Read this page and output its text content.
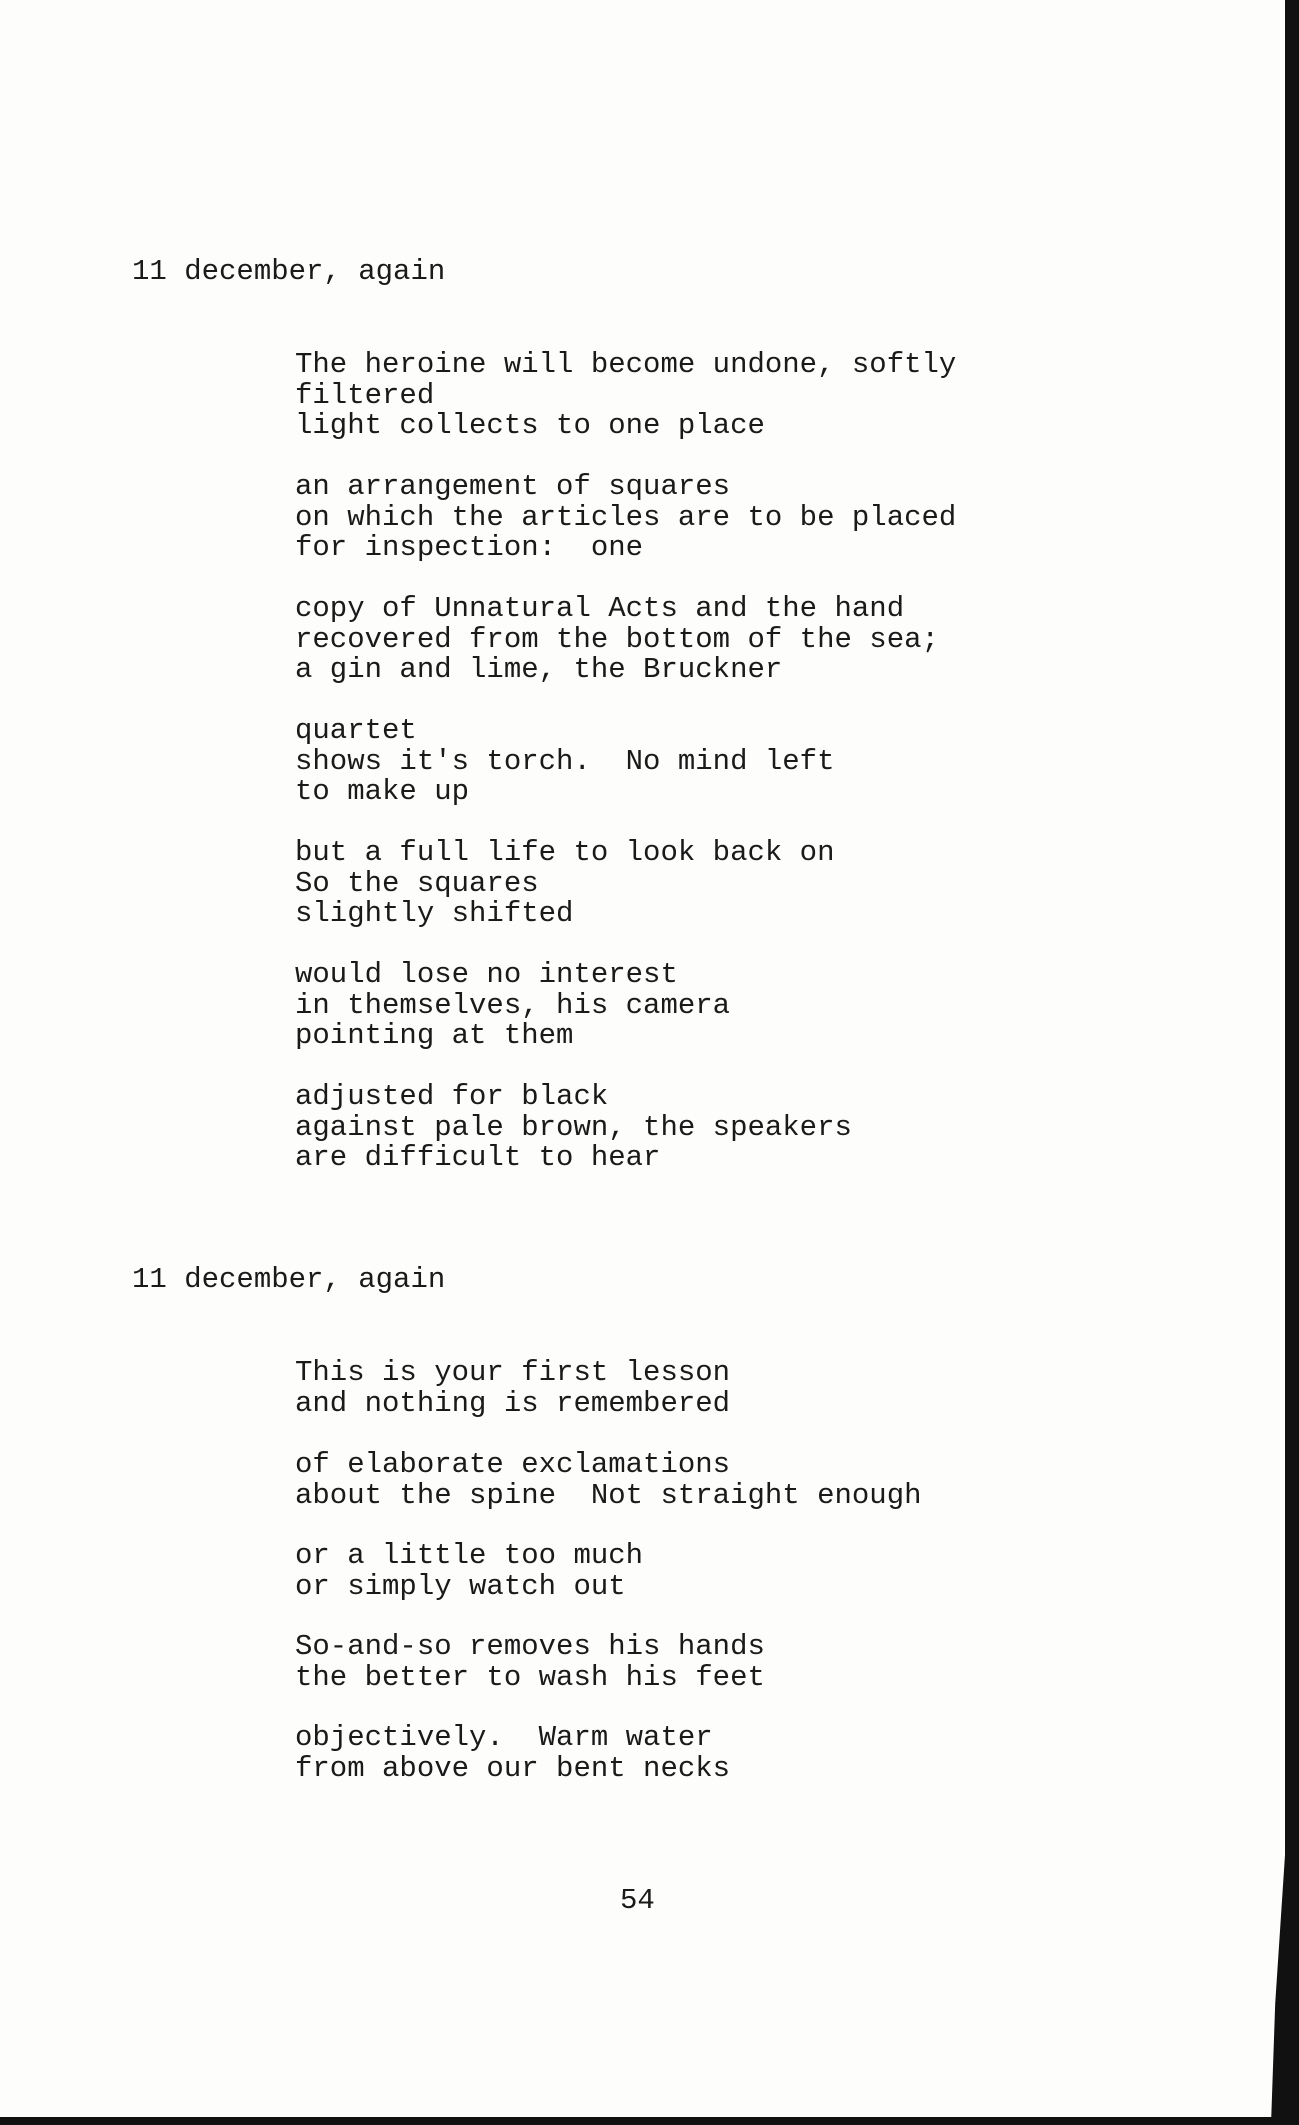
11 december, again

The heroine will become undone, softly

filtered

light collects to one place

an arrangement of squares

on which the articles are to be placed

for inspection:  one

copy of Unnatural Acts and the hand

recovered from the bottom of the sea;

a gin and lime, the Bruckner

quartet

shows it's torch.  No mind left

to make up

but a full life to look back on

So the squares

slightly shifted

would lose no interest

in themselves, his camera

pointing at them

adjusted for black

against pale brown, the speakers

are difficult to hear

11 december, again

This is your first lesson

and nothing is remembered

of elaborate exclamations

about the spine  Not straight enough

or a little too much

or simply watch out

So-and-so removes his hands

the better to wash his feet

objectively.  Warm water

from above our bent necks

54
